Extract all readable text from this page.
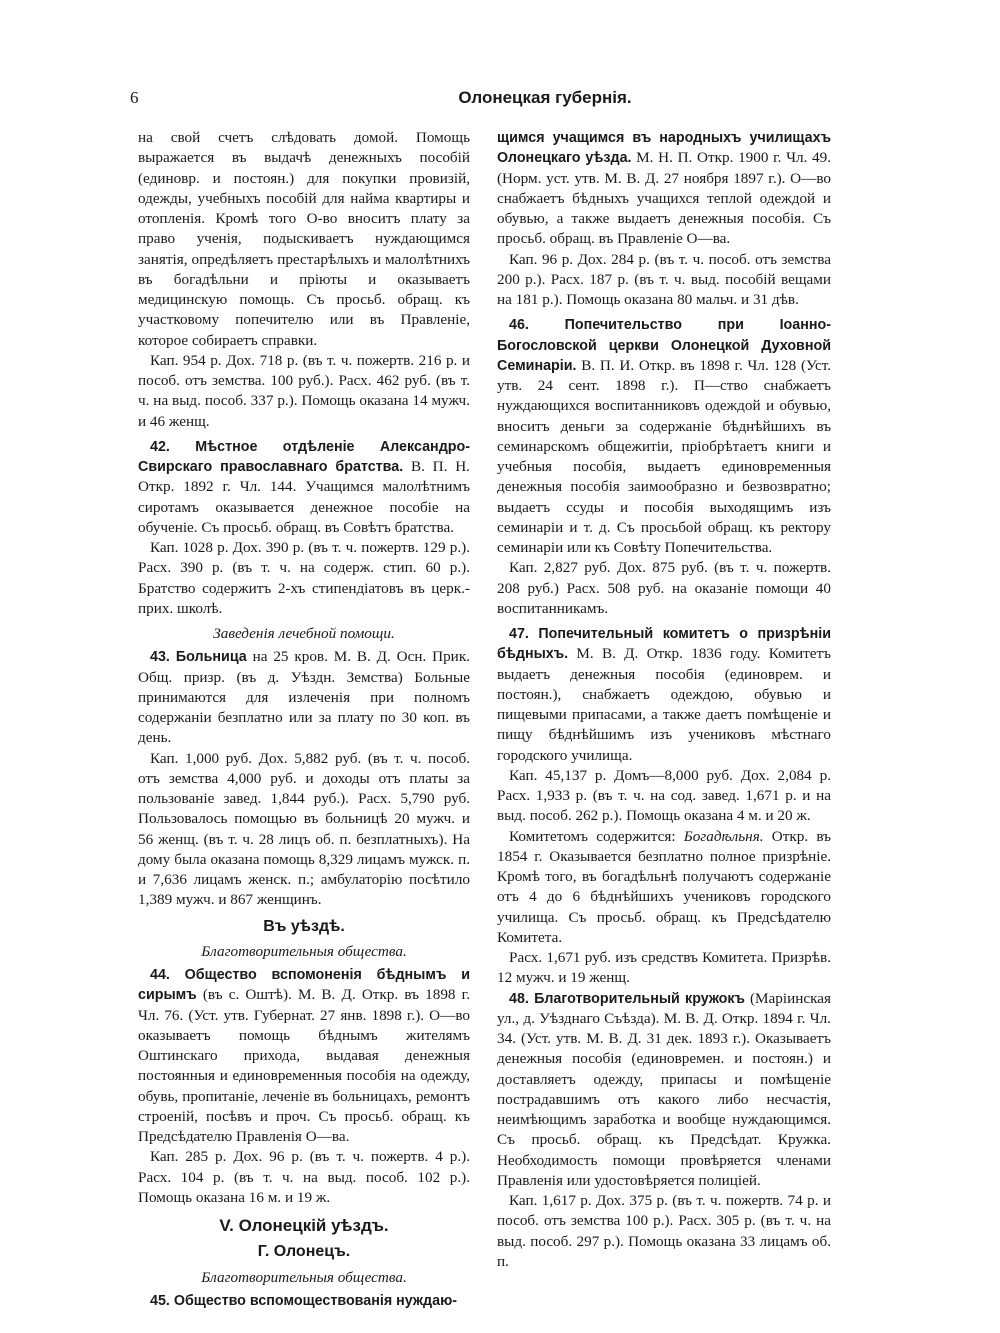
6	Олонецкая губернія.

на свой счетъ слѣдовать домой. Помощь выражается въ выдачѣ денежныхъ пособій (единовр. и постоян.) для покупки провизій, одежды, учебныхъ пособій для найма квартиры и отопленія. Кромѣ того О-во вноситъ плату за право ученія, подыскиваетъ нуждающимся занятія, опредѣляетъ престарѣлыхъ и малолѣтнихъ въ богадѣльни и пріюты и оказываетъ медицинскую помощь. Съ просьб. обращ. къ участковому попечителю или въ Правленіе, которое собираетъ справки.

Кап. 954 р. Дох. 718 р. (въ т. ч. пожертв. 216 р. и пособ. отъ земства. 100 руб.). Расх. 462 руб. (въ т. ч. на выд. пособ. 337 р.). Помощь оказана 14 мужч. и 46 женщ.

42. Мѣстное отдѣленіе Александро-Свирскаго православнаго братства. В. П. Н. Откр. 1892 г. Чл. 144. Учащимся малолѣтнимъ сиротамъ оказывается денежное пособіе на обученіе. Съ просьб. обращ. въ Совѣтъ братства.

Кап. 1028 р. Дох. 390 р. (въ т. ч. пожертв. 129 р.). Расх. 390 р. (въ т. ч. на содерж. стип. 60 р.). Братство содержитъ 2-хъ стипендіатовъ въ церк.-прих. школѣ.

Заведенія лечебной помощи.

43. Больница на 25 кров. М. В. Д. Осн. Прик. Общ. призр. (въ д. Уѣздн. Земства) Больные принимаются для излеченія при полномъ содержаніи безплатно или за плату по 30 коп. въ день.

Кап. 1,000 руб. Дох. 5,882 руб. (въ т. ч. пособ. отъ земства 4,000 руб. и доходы отъ платы за пользованіе завед. 1,844 руб.). Расх. 5,790 руб. Пользовалось помощью въ больницѣ 20 мужч. и 56 женщ. (въ т. ч. 28 лицъ об. п. безплатныхъ). На дому была оказана помощь 8,329 лицамъ мужск. п. и 7,636 лицамъ женск. п.; амбулаторію посѣтило 1,389 мужч. и 867 женщинъ.

Въ уѣздѣ.
Благотворительныя общества.

44. Общество вспомоненія бѣднымъ и сирымъ (въ с. Оштѣ). М. В. Д. Откр. въ 1898 г. Чл. 76. (Уст. утв. Губернат. 27 янв. 1898 г.). О—во оказываетъ помощь бѣднымъ жителямъ Оштинскаго прихода, выдавая денежныя постоянныя и единовременныя пособія на одежду, обувь, пропитаніе, леченіе въ больницахъ, ремонтъ строеній, посѣвъ и проч. Съ просьб. обращ. къ Предсѣдателю Правленія О—ва.

Кап. 285 р. Дох. 96 р. (въ т. ч. пожертв. 4 р.). Расх. 104 р. (въ т. ч. на выд. пособ. 102 р.). Помощь оказана 16 м. и 19 ж.

V. Олонецкій уѣздъ.
Г. Олонецъ.
Благотворительныя общества.

45. Общество вспомоществованія нуждаю-

щимся учащимся въ народныхъ училищахъ Олонецкаго уѣзда. М. Н. П. Откр. 1900 г. Чл. 49. (Норм. уст. утв. М. В. Д. 27 ноября 1897 г.). О—во снабжаетъ бѣдныхъ учащихся теплой одеждой и обувью, а также выдаетъ денежныя пособія. Съ просьб. обращ. въ Правленіе О—ва.

Кап. 96 р. Дох. 284 р. (въ т. ч. пособ. отъ земства 200 р.). Расх. 187 р. (въ т. ч. выд. пособій вещами на 181 р.). Помощь оказана 80 мальч. и 31 дѣв.

46. Попечительство при Іоанно-Богословской церкви Олонецкой Духовной Семинаріи. В. П. И. Откр. въ 1898 г. Чл. 128 (Уст. утв. 24 сент. 1898 г.). П—ство снабжаетъ нуждающихся воспитанниковъ одеждой и обувью, вноситъ деньги за содержаніе бѣднѣйшихъ въ семинарскомъ общежитіи, пріобрѣтаетъ книги и учебныя пособія, выдаетъ единовременныя денежныя пособія заимообразно и безвозвратно; выдаетъ ссуды и пособія выходящимъ изъ семинаріи и т. д. Съ просьбой обращ. къ ректору семинаріи или къ Совѣту Попечительства.

Кап. 2,827 руб. Дох. 875 руб. (въ т. ч. пожертв. 208 руб.) Расх. 508 руб. на оказаніе помощи 40 воспитанникамъ.

47. Попечительный комитетъ о призрѣніи бѣдныхъ. М. В. Д. Откр. 1836 году. Комитетъ выдаетъ денежныя пособія (единоврем. и постоян.), снабжаетъ одеждою, обувью и пищевыми припасами, а также даетъ помѣщеніе и пищу бѣднѣйшимъ изъ учениковъ мѣстнаго городского училища.

Кап. 45,137 р. Домъ—8,000 руб. Дох. 2,084 р. Расх. 1,933 р. (въ т. ч. на сод. завед. 1,671 р. и на выд. пособ. 262 р.). Помощь оказана 4 м. и 20 ж.

Комитетомъ содержится: Богадѣльня. Откр. въ 1854 г. Оказывается безплатно полное призрѣніе. Кромѣ того, въ богадѣльнѣ получаютъ содержаніе отъ 4 до 6 бѣднѣйшихъ учениковъ городского училища. Съ просьб. обращ. къ Предсѣдателю Комитета.

Расх. 1,671 руб. изъ средствъ Комитета. Призрѣв. 12 мужч. и 19 женщ.

48. Благотворительный кружокъ (Маріинская ул., д. Уѣзднаго Съѣзда). М. В. Д. Откр. 1894 г. Чл. 34. (Уст. утв. М. В. Д. 31 дек. 1893 г.). Оказываетъ денежныя пособія (единовремен. и постоян.) и доставляетъ одежду, припасы и помѣщеніе пострадавшимъ отъ какого либо несчастія, неимѣющимъ заработка и вообще нуждающимся. Съ просьб. обращ. къ Предсѣдат. Кружка. Необходимость помощи провѣряется членами Правленія или удостовѣряется полиціей.

Кап. 1,617 р. Дох. 375 р. (въ т. ч. пожертв. 74 р. и пособ. отъ земства 100 р.). Расх. 305 р. (въ т. ч. на выд. пособ. 297 р.). Помощь оказана 33 лицамъ об. п.
